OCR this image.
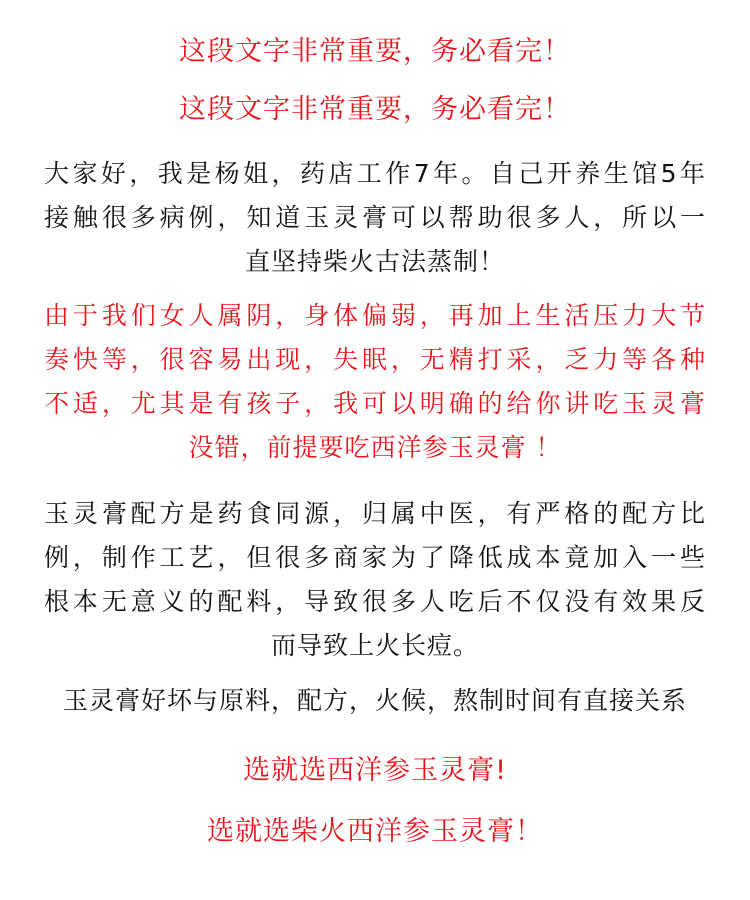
这段文字非常重要，务必看完！
这段文字非常重要，务必看完！
大家好，我是杨姐，药店工作7年。自己开养生馆5年
接触很多病例，知道玉灵膏可以帮助很多人，所以一
直坚持柴火古法蒸制！
由于我们女人属阴，身体偏弱，再加上生活压力大节
奏快等，很容易出现，失眠，无精打采，乏力等各种
不适，尤其是有孩子，我可以明确的给你讲吃玉灵膏
没错，前提要吃西洋参玉灵膏 ！
玉灵膏配方是药食同源，归属中医，有严格的配方比
例，制作工艺，但很多商家为了降低成本竟加入一些
根本无意义的配料，导致很多人吃后不仅没有效果反
而导致上火长痘。
玉灵膏好坏与原料，配方，火候，熬制时间有直接关系
选就选西洋参玉灵膏!
选就选柴火西洋参玉灵膏！
